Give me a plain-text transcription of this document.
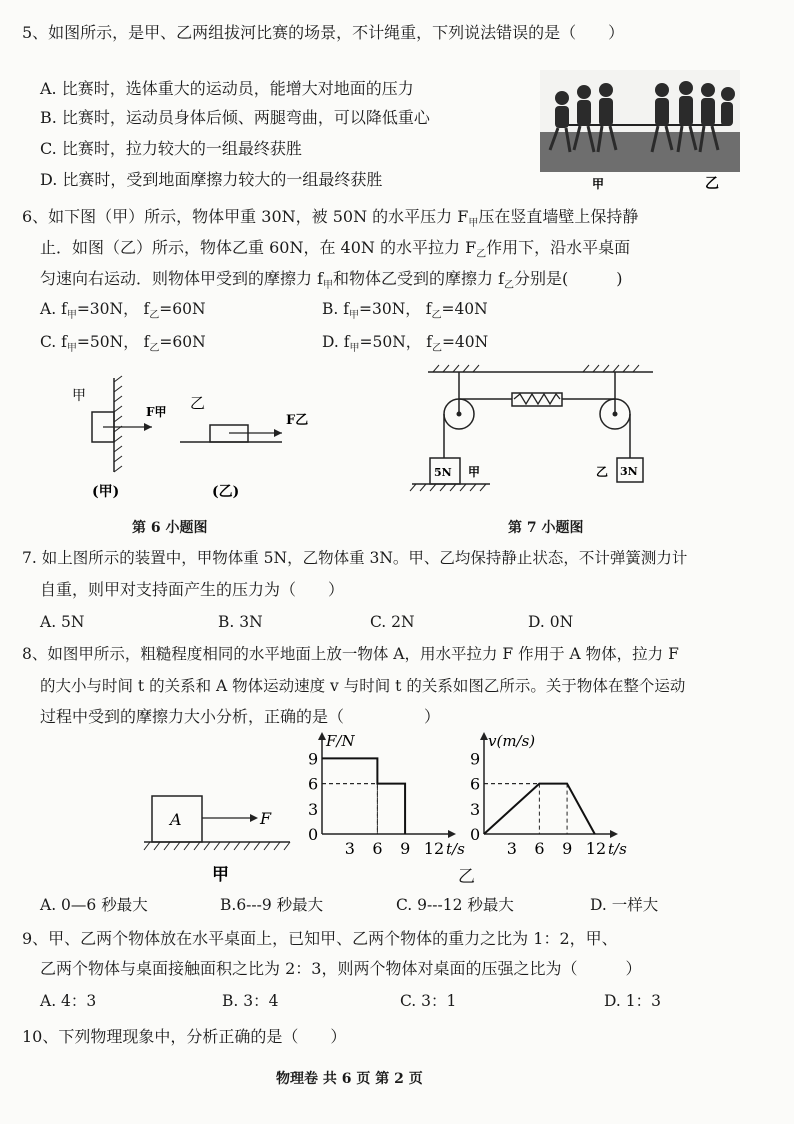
5、如图所示，是甲、乙两组拔河比赛的场景，不计绳重，下列说法错误的是（　　）
A. 比赛时，选体重大的运动员，能增大对地面的压力
B. 比赛时，运动员身体后倾、两腿弯曲，可以降低重心
C. 比赛时，拉力较大的一组最终获胜
D. 比赛时，受到地面摩擦力较大的一组最终获胜	甲	乙
6、如下图（甲）所示，物体甲重 30N，被 50N 的水平压力 $F_甲$压在竖直墙壁上保持静
止．如图（乙）所示，物体乙重 60N，在 40N 的水平拉力 $F_乙$作用下，沿水平桌面
匀速向右运动．则物体甲受到的摩擦力 $f_甲$和物体乙受到的摩擦力 $f_乙$分别是(　　　)
A. $f_甲=30N$， $f_乙=60N$	B. $f_甲=30N$， $f_乙=40N$
C. $f_甲=50N$， $f_乙=60N$	D. $f_甲=50N$， $f_乙=40N$
甲
F甲
(甲)
乙
F乙
(乙)
第 6 小题图
5N 甲	3N
乙
第 7 小题图
7. 如上图所示的装置中，甲物体重 5N，乙物体重 3N。甲、乙均保持静止状态，不计弹簧测力计
自重，则甲对支持面产生的压力为（　　）
A. 5N	B. 3N	C. 2N	D. 0N
8、如图甲所示，粗糙程度相同的水平地面上放一物体 A，用水平拉力 F 作用于 A 物体，拉力 F
的大小与时间 t 的关系和 A 物体运动速度 v 与时间 t 的关系如图乙所示。关于物体在整个运动
过程中受到的摩擦力大小分析，正确的是（　　　　　）
A	F
甲
0
3
6
9
3 6 9 12
F/N
t/s
0
3
6
9
3 6 9 12
v(m/s)
t/s
乙
A. 0—6 秒最大	B.6---9 秒最大	C. 9---12 秒最大	D. 一样大
9、甲、乙两个物体放在水平桌面上，已知甲、乙两个物体的重力之比为 1：2，甲、
乙两个物体与桌面接触面积之比为 2：3，则两个物体对桌面的压强之比为（　　　）
A. 4：3	B. 3：4	C. 3：1	D. 1：3
10、下列物理现象中，分析正确的是（　　）
物理卷 共 6 页 第 2 页
